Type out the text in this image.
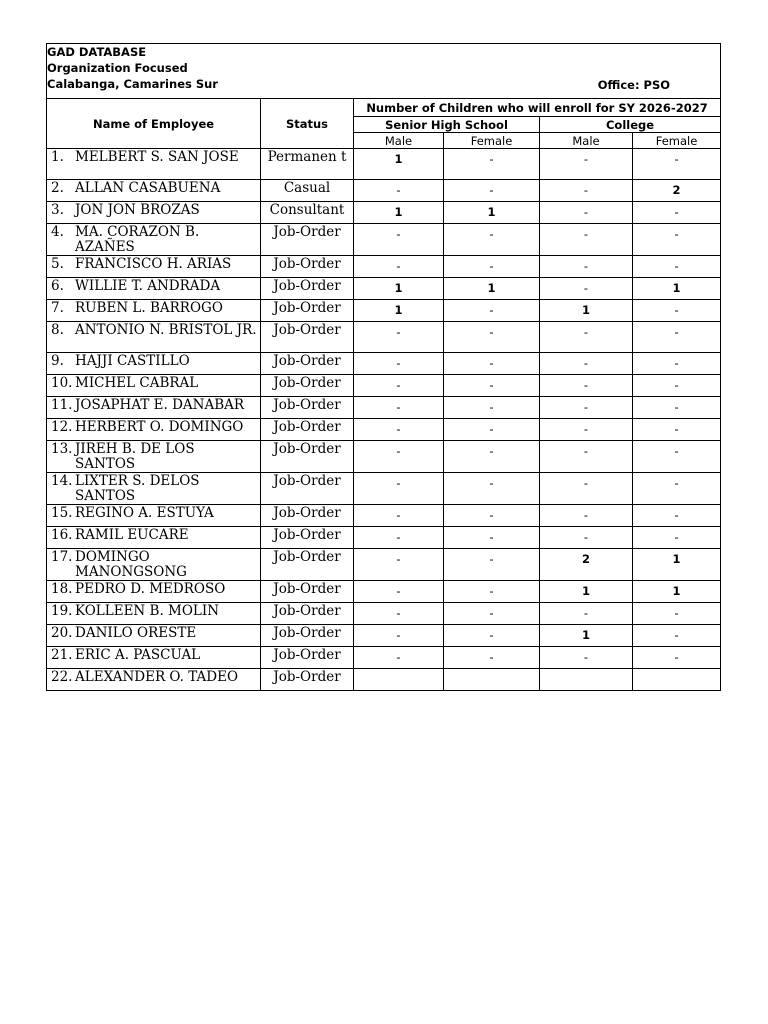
GAD DATABASE
Organization Focused
Calabanga, Camarines Sur Office: PSO					

Name of Employee	Status	Number of Children who will enroll for SY 2026-2027			
		Senior High School		College	
		Male	Female	Male	Female

1. MELBERT S. SAN JOSE	Permanen t	1	-	-	-

2. ALLAN CASABUENA	Casual	-	-	-	2

3. JON JON BROZAS	Consultant	1	1	-	-

4. MA. CORAZON B. AZAÑES	Job-Order	-	-	-	-

5. FRANCISCO H. ARIAS	Job-Order	-	-	-	-

6. WILLIE T. ANDRADA	Job-Order	1	1	-	1

7. RUBEN L. BARROGO	Job-Order	1	-	1	-

8. ANTONIO N. BRISTOL JR.	Job-Order	-	-	-	-

9. HAJJI CASTILLO	Job-Order	-	-	-	-

10. MICHEL CABRAL	Job-Order	-	-	-	-

11. JOSAPHAT E. DANABAR	Job-Order	-	-	-	-

12. HERBERT O. DOMINGO	Job-Order	-	-	-	-

13. JIREH B. DE LOS SANTOS	Job-Order	-	-	-	-

14. LIXTER S. DELOS SANTOS	Job-Order	-	-	-	-

15. REGINO A. ESTUYA	Job-Order	-	-	-	-

16. RAMIL EUCARE	Job-Order	-	-	-	-

17. DOMINGO MANONGSONG	Job-Order	-	-	2	1

18. PEDRO D. MEDROSO	Job-Order	-	-	1	1

19. KOLLEEN B. MOLIN	Job-Order	-	-	-	-

20. DANILO ORESTE	Job-Order	-	-	1	-

21. ERIC A. PASCUAL	Job-Order	-	-	-	-

22. ALEXANDER O. TADEO	Job-Order				
